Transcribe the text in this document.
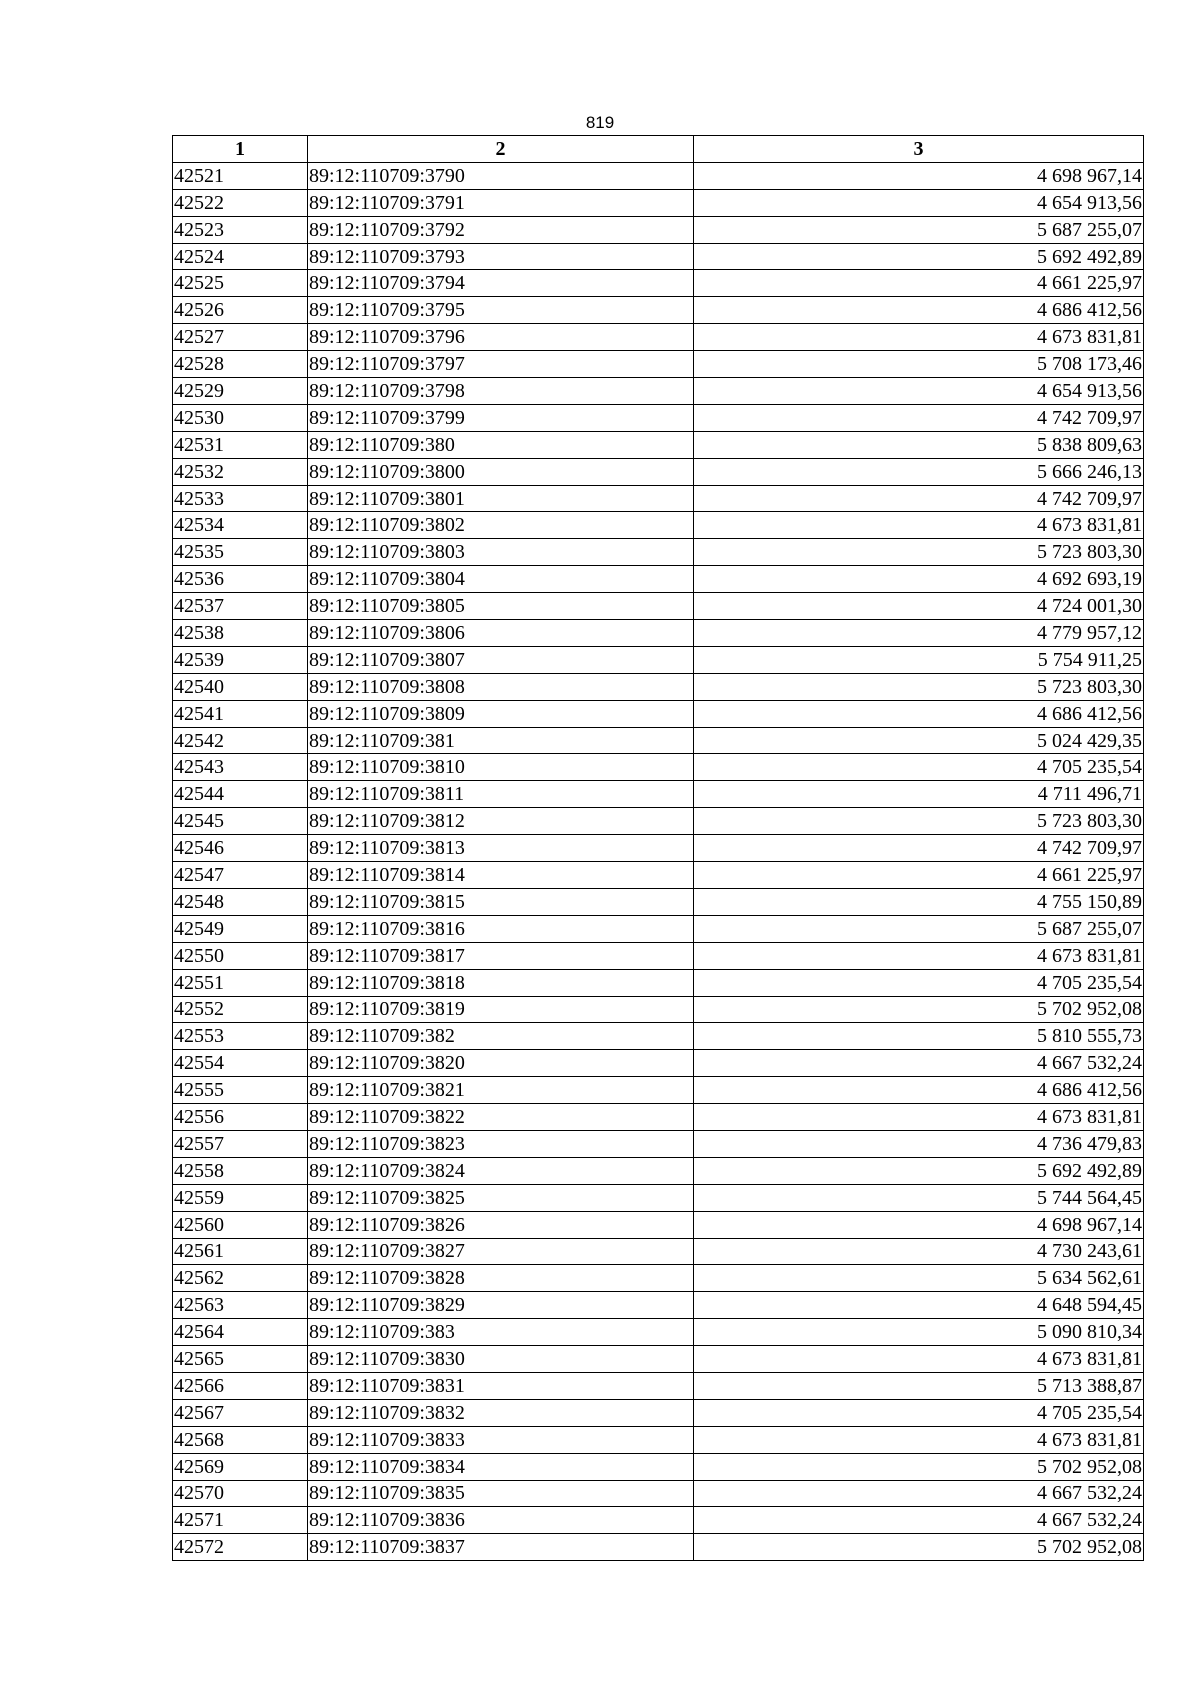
819
1	2	3
42521	89:12:110709:3790	4 698 967,14
42522	89:12:110709:3791	4 654 913,56
42523	89:12:110709:3792	5 687 255,07
42524	89:12:110709:3793	5 692 492,89
42525	89:12:110709:3794	4 661 225,97
42526	89:12:110709:3795	4 686 412,56
42527	89:12:110709:3796	4 673 831,81
42528	89:12:110709:3797	5 708 173,46
42529	89:12:110709:3798	4 654 913,56
42530	89:12:110709:3799	4 742 709,97
42531	89:12:110709:380	5 838 809,63
42532	89:12:110709:3800	5 666 246,13
42533	89:12:110709:3801	4 742 709,97
42534	89:12:110709:3802	4 673 831,81
42535	89:12:110709:3803	5 723 803,30
42536	89:12:110709:3804	4 692 693,19
42537	89:12:110709:3805	4 724 001,30
42538	89:12:110709:3806	4 779 957,12
42539	89:12:110709:3807	5 754 911,25
42540	89:12:110709:3808	5 723 803,30
42541	89:12:110709:3809	4 686 412,56
42542	89:12:110709:381	5 024 429,35
42543	89:12:110709:3810	4 705 235,54
42544	89:12:110709:3811	4 711 496,71
42545	89:12:110709:3812	5 723 803,30
42546	89:12:110709:3813	4 742 709,97
42547	89:12:110709:3814	4 661 225,97
42548	89:12:110709:3815	4 755 150,89
42549	89:12:110709:3816	5 687 255,07
42550	89:12:110709:3817	4 673 831,81
42551	89:12:110709:3818	4 705 235,54
42552	89:12:110709:3819	5 702 952,08
42553	89:12:110709:382	5 810 555,73
42554	89:12:110709:3820	4 667 532,24
42555	89:12:110709:3821	4 686 412,56
42556	89:12:110709:3822	4 673 831,81
42557	89:12:110709:3823	4 736 479,83
42558	89:12:110709:3824	5 692 492,89
42559	89:12:110709:3825	5 744 564,45
42560	89:12:110709:3826	4 698 967,14
42561	89:12:110709:3827	4 730 243,61
42562	89:12:110709:3828	5 634 562,61
42563	89:12:110709:3829	4 648 594,45
42564	89:12:110709:383	5 090 810,34
42565	89:12:110709:3830	4 673 831,81
42566	89:12:110709:3831	5 713 388,87
42567	89:12:110709:3832	4 705 235,54
42568	89:12:110709:3833	4 673 831,81
42569	89:12:110709:3834	5 702 952,08
42570	89:12:110709:3835	4 667 532,24
42571	89:12:110709:3836	4 667 532,24
42572	89:12:110709:3837	5 702 952,08
